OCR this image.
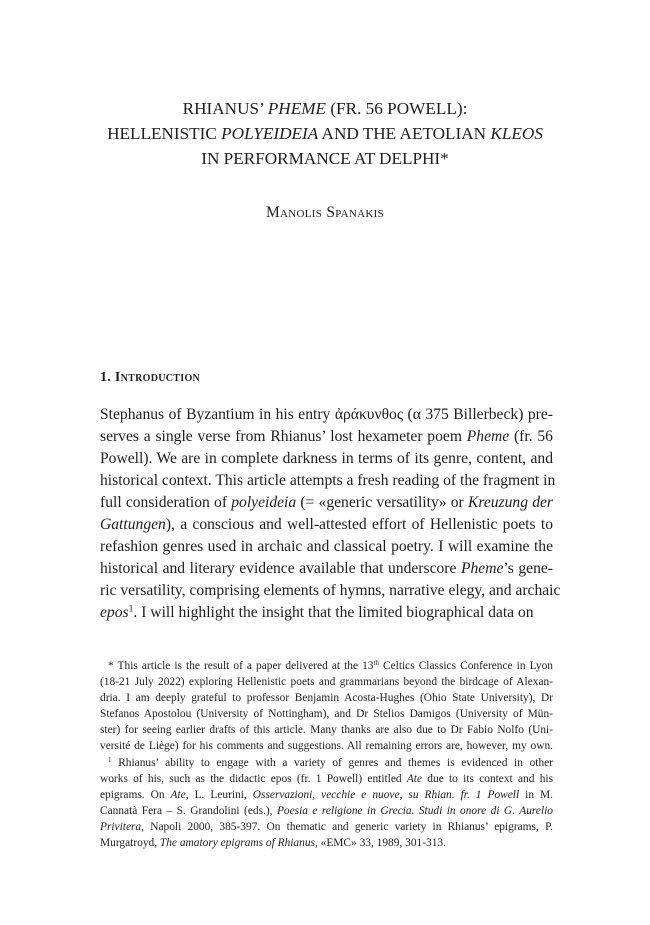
RHIANUS’ PHEME (FR. 56 POWELL):
HELLENISTIC POLYEIDEIA AND THE AETOLIAN KLEOS
IN PERFORMANCE AT DELPHI*
Manolis Spanakis
1. Introduction
Stephanus of Byzantium in his entry ἀράκυνθος (α 375 Billerbeck) pre-
serves a single verse from Rhianus’ lost hexameter poem Pheme (fr. 56
Powell). We are in complete darkness in terms of its genre, content, and
historical context. This article attempts a fresh reading of the fragment in
full consideration of polyeideia (= «generic versatility» or Kreuzung der
Gattungen), a conscious and well-attested effort of Hellenistic poets to
refashion genres used in archaic and classical poetry. I will examine the
historical and literary evidence available that underscore Pheme’s gene-
ric versatility, comprising elements of hymns, narrative elegy, and archaic
epos$^1$. I will highlight the insight that the limited biographical data on
* This article is the result of a paper delivered at the 13th Celtics Classics Conference in Lyon
(18-21 July 2022) exploring Hellenistic poets and grammarians beyond the birdcage of Alexan-
dria. I am deeply grateful to professor Benjamin Acosta-Hughes (Ohio State University), Dr
Stefanos Apostolou (University of Nottingham), and Dr Stelios Damigos (University of Mün-
ster) for seeing earlier drafts of this article. Many thanks are also due to Dr Fabio Nolfo (Uni-
versité de Liège) for his comments and suggestions. All remaining errors are, however, my own.
$^1$ Rhianus’ ability to engage with a variety of genres and themes is evidenced in other
works of his, such as the didactic epos (fr. 1 Powell) entitled Ate due to its context and his
epigrams. On Ate, L. Leurini, Osservazioni, vecchie e nuove, su Rhian. fr. 1 Powell in M.
Cannatà Fera – S. Grandolini (eds.), Poesia e religione in Grecia. Studi in onore di G. Aurelio
Privitera, Napoli 2000, 385-397. On thematic and generic variety in Rhianus’ epigrams, P.
Murgatroyd, The amatory epigrams of Rhianus, «EMC» 33, 1989, 301-313.
